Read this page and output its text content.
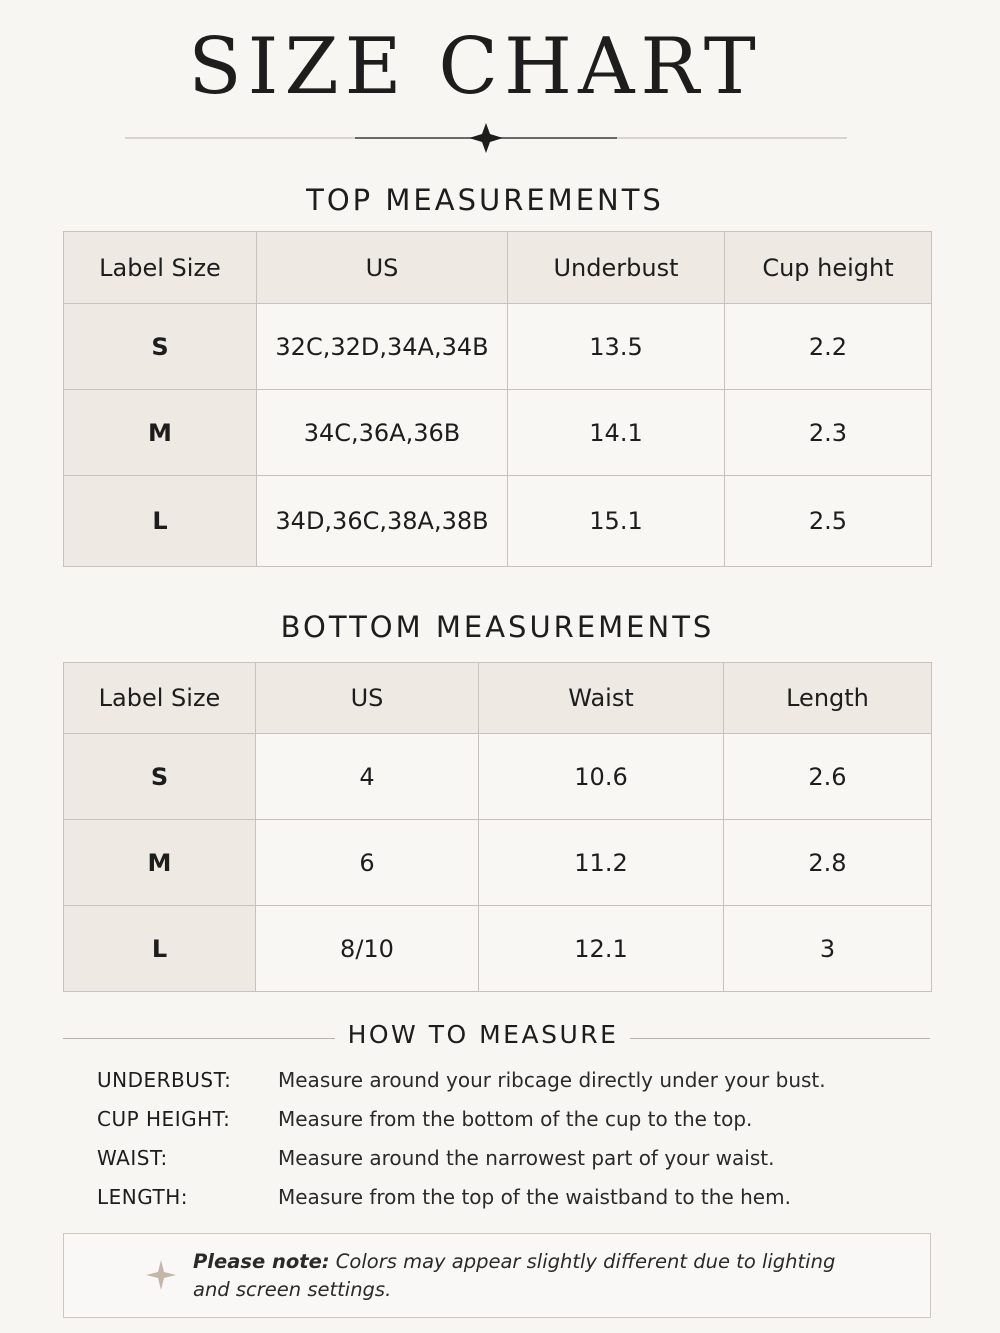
SIZE CHART
TOP MEASUREMENTS
Label Size	US	Underbust	Cup height
S	32C,32D,34A,34B	13.5	2.2
M	34C,36A,36B	14.1	2.3
L	34D,36C,38A,38B	15.1	2.5
BOTTOM MEASUREMENTS
Label Size	US	Waist	Length
S	4	10.6	2.6
M	6	11.2	2.8
L	8/10	12.1	3
HOW TO MEASURE
UNDERBUST:	Measure around your ribcage directly under your bust.
CUP HEIGHT:	Measure from the bottom of the cup to the top.
WAIST:	Measure around the narrowest part of your waist.
LENGTH:	Measure from the top of the waistband to the hem.
Please note: Colors may appear slightly different due to lighting and screen settings.
